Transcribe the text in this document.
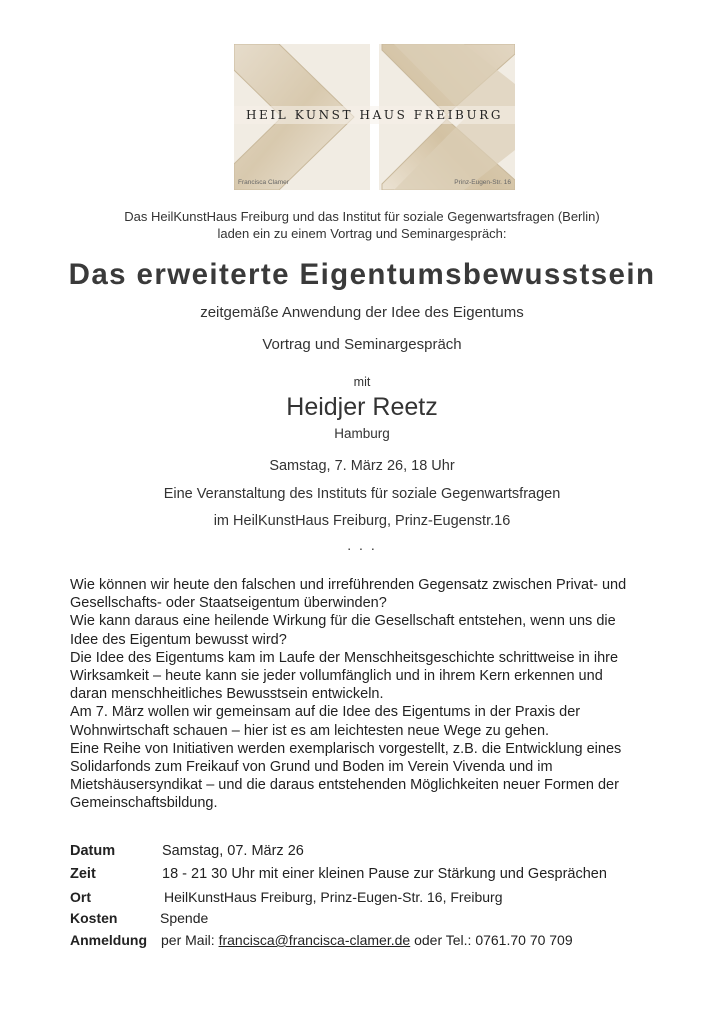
HEIL KUNST HAUS FREIBURG
Francisca Clamer	Prinz-Eugen-Str. 16
Das HeilKunstHaus Freiburg und das Institut für soziale Gegenwartsfragen (Berlin)
laden ein zu einem Vortrag und Seminargespräch:
Das erweiterte Eigentumsbewusstsein
zeitgemäße Anwendung der Idee des Eigentums
Vortrag und Seminargespräch
mit
Heidjer Reetz
Hamburg
Samstag, 7. März 26, 18 Uhr
Eine Veranstaltung des Instituts für soziale Gegenwartsfragen
im HeilKunstHaus Freiburg, Prinz-Eugenstr.16
. . .

Wie können wir heute den falschen und irreführenden Gegensatz zwischen Privat- und

Gesellschafts- oder Staatseigentum überwinden?

Wie kann daraus eine heilende Wirkung für die Gesellschaft entstehen, wenn uns die

Idee des Eigentum bewusst wird?

Die Idee des Eigentums kam im Laufe der Menschheitsgeschichte schrittweise in ihre

Wirksamkeit – heute kann sie jeder vollumfänglich und in ihrem Kern erkennen und

daran menschheitliches Bewusstsein entwickeln.

Am 7. März wollen wir gemeinsam auf die Idee des Eigentums in der Praxis der

Wohnwirtschaft schauen – hier ist es am leichtesten neue Wege zu gehen.

Eine Reihe von Initiativen werden exemplarisch vorgestellt, z.B. die Entwicklung eines

Solidarfonds zum Freikauf von Grund und Boden im Verein Vivenda und im

Mietshäusersyndikat – und die daraus entstehenden Möglichkeiten neuer Formen der

Gemeinschaftsbildung.

Datum	Samstag, 07. März 26
Zeit	18 - 21 30 Uhr mit einer kleinen Pause zur Stärkung und Gesprächen
Ort	HeilKunstHaus Freiburg, Prinz-Eugen-Str. 16, Freiburg
Kosten	Spende
Anmeldung per Mail: francisca@francisca-clamer.de oder Tel.: 0761.70 70 709
